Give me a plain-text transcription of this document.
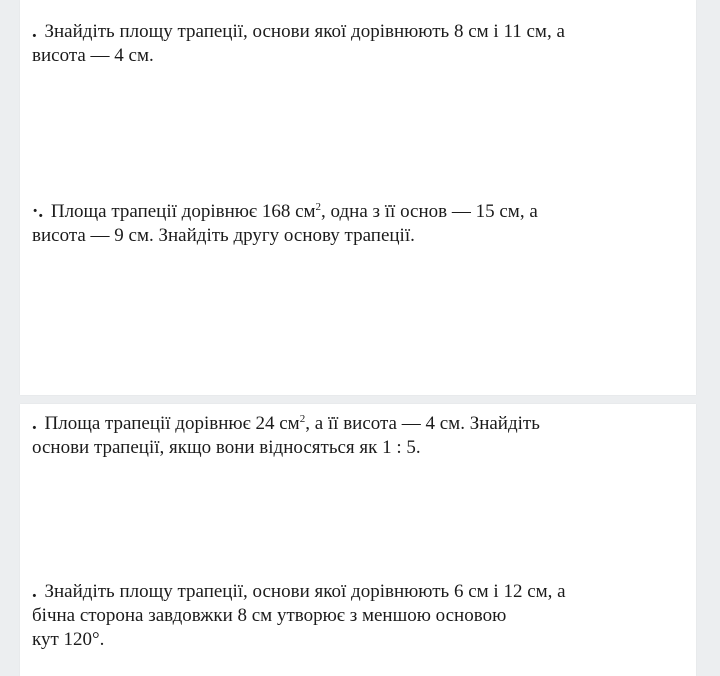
. Знайдіть площу трапеції, основи якої дорівнюють 8 см і 11 см, а
висота — 4 см.
·. Площа трапеції дорівнює 168 $см^2$, одна з її основ — 15 см, а
висота — 9 см. Знайдіть другу основу трапеції.
. Площа трапеції дорівнює 24 $см^2$, а її висота — 4 см. Знайдіть
основи трапеції, якщо вони відносяться як 1 : 5.
. Знайдіть площу трапеції, основи якої дорівнюють 6 см і 12 см, а
бічна сторона завдовжки 8 см утворює з меншою основою
кут 120°.
